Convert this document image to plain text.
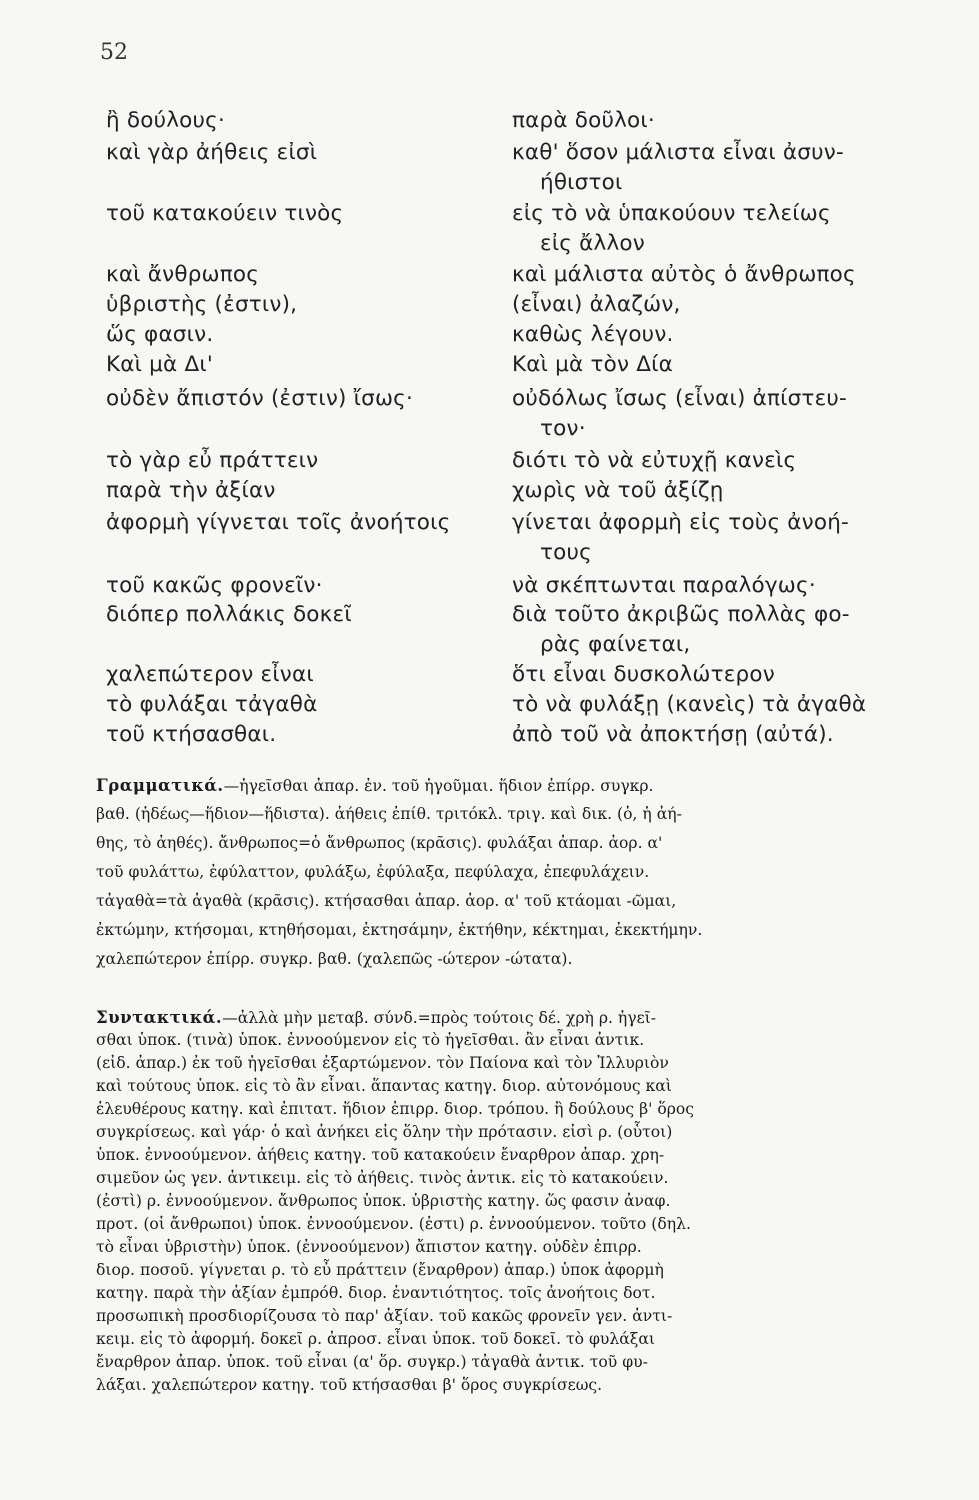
52
ἢ δούλους·
καὶ γὰρ ἀήθεις εἰσὶ
τοῦ κατακούειν τινὸς
καὶ ἄνθρωπος
ὑβριστὴς (ἐστιν),
ὥς φασιν.
Καὶ μὰ Δι'
οὐδὲν ἄπιστόν (ἐστιν) ἴσως·
τὸ γὰρ εὖ πράττειν
παρὰ τὴν ἀξίαν
ἀφορμὴ γίγνεται τοῖς ἀνοήτοις
τοῦ κακῶς φρονεῖν·
διόπερ πολλάκις δοκεῖ
χαλεπώτερον εἶναι
τὸ φυλάξαι τἀγαθὰ
τοῦ κτήσασθαι.
παρὰ δοῦλοι·
καθ' ὅσον μάλιστα εἶναι ἀσυν-
ήθιστοι
εἰς τὸ νὰ ὑπακούουν τελείως
εἰς ἄλλον
καὶ μάλιστα αὐτὸς ὁ ἄνθρωπος
(εἶναι) ἀλαζών,
καθὼς λέγουν.
Καὶ μὰ τὸν Δία
οὐδόλως ἴσως (εἶναι) ἀπίστευ-
τον·
διότι τὸ νὰ εὐτυχῇ κανεὶς
χωρὶς νὰ τοῦ ἀξίζῃ
γίνεται ἀφορμὴ εἰς τοὺς ἀνοή-
τους
νὰ σκέπτωνται παραλόγως·
διὰ τοῦτο ἀκριβῶς πολλὰς φο-
ρὰς φαίνεται,
ὅτι εἶναι δυσκολώτερον
τὸ νὰ φυλάξῃ (κανεὶς) τὰ ἀγαθὰ
ἀπὸ τοῦ νὰ ἀποκτήσῃ (αὐτά).
Γραμματικά.—ἡγεῖσθαι ἀπαρ. ἐν. τοῦ ἡγοῦμαι. ἥδιον ἐπίρρ. συγκρ.
βαθ. (ἡδέως—ἥδιον—ἥδιστα). ἀήθεις ἐπίθ. τριτόκλ. τριγ. καὶ δικ. (ὁ, ἡ ἀή-
θης, τὸ ἀηθές). ἄνθρωπος=ὁ ἄνθρωπος (κρᾶσις). φυλάξαι ἀπαρ. ἀορ. α'
τοῦ φυλάττω, ἐφύλαττον, φυλάξω, ἐφύλαξα, πεφύλαχα, ἐπεφυλάχειν.
τἀγαθὰ=τὰ ἀγαθὰ (κρᾶσις). κτήσασθαι ἀπαρ. ἀορ. α' τοῦ κτάομαι -ῶμαι,
ἐκτώμην, κτήσομαι, κτηθήσομαι, ἐκτησάμην, ἐκτήθην, κέκτημαι, ἐκεκτήμην.
χαλεπώτερον ἐπίρρ. συγκρ. βαθ. (χαλεπῶς -ώτερον -ώτατα).
Συντακτικά.—ἀλλὰ μὴν μεταβ. σύνδ.=πρὸς τούτοις δέ. χρὴ ρ. ἡγεῖ-
σθαι ὑποκ. (τινὰ) ὑποκ. ἐννοούμενον εἰς τὸ ἡγεῖσθαι. ἂν εἶναι ἀντικ.
(εἰδ. ἀπαρ.) ἐκ τοῦ ἡγεῖσθαι ἐξαρτώμενον. τὸν Παίονα καὶ τὸν Ἰλλυριὸν
καὶ τούτους ὑποκ. εἰς τὸ ἂν εἶναι. ἅπαντας κατηγ. διορ. αὐτονόμους καὶ
ἐλευθέρους κατηγ. καὶ ἐπιτατ. ἥδιον ἐπιρρ. διορ. τρόπου. ἢ δούλους β' ὅρος
συγκρίσεως. καὶ γάρ· ὁ καὶ ἀνήκει εἰς ὅλην τὴν πρότασιν. εἰσὶ ρ. (οὗτοι)
ὑποκ. ἐννοούμενον. ἀήθεις κατηγ. τοῦ κατακούειν ἔναρθρον ἀπαρ. χρη-
σιμεῦον ὡς γεν. ἀντικειμ. εἰς τὸ ἀήθεις. τινὸς ἀντικ. εἰς τὸ κατακούειν.
(ἐστὶ) ρ. ἐννοούμενον. ἄνθρωπος ὑποκ. ὑβριστὴς κατηγ. ὥς φασιν ἀναφ.
προτ. (οἱ ἄνθρωποι) ὑποκ. ἐννοούμενον. (ἐστι) ρ. ἐννοούμενον. τοῦτο (δηλ.
τὸ εἶναι ὑβριστὴν) ὑποκ. (ἐννοούμενον) ἄπιστον κατηγ. οὐδὲν ἐπιρρ.
διορ. ποσοῦ. γίγνεται ρ. τὸ εὖ πράττειν (ἔναρθρον) ἀπαρ.) ὑποκ ἀφορμὴ
κατηγ. παρὰ τὴν ἀξίαν ἐμπρόθ. διορ. ἐναντιότητος. τοῖς ἀνοήτοις δοτ.
προσωπικὴ προσδιορίζουσα τὸ παρ' ἀξίαν. τοῦ κακῶς φρονεῖν γεν. ἀντι-
κειμ. εἰς τὸ ἀφορμή. δοκεῖ ρ. ἀπροσ. εἶναι ὑποκ. τοῦ δοκεῖ. τὸ φυλάξαι
ἔναρθρον ἀπαρ. ὑποκ. τοῦ εἶναι (α' ὅρ. συγκρ.) τἀγαθὰ ἀντικ. τοῦ φυ-
λάξαι. χαλεπώτερον κατηγ. τοῦ κτήσασθαι β' ὅρος συγκρίσεως.
